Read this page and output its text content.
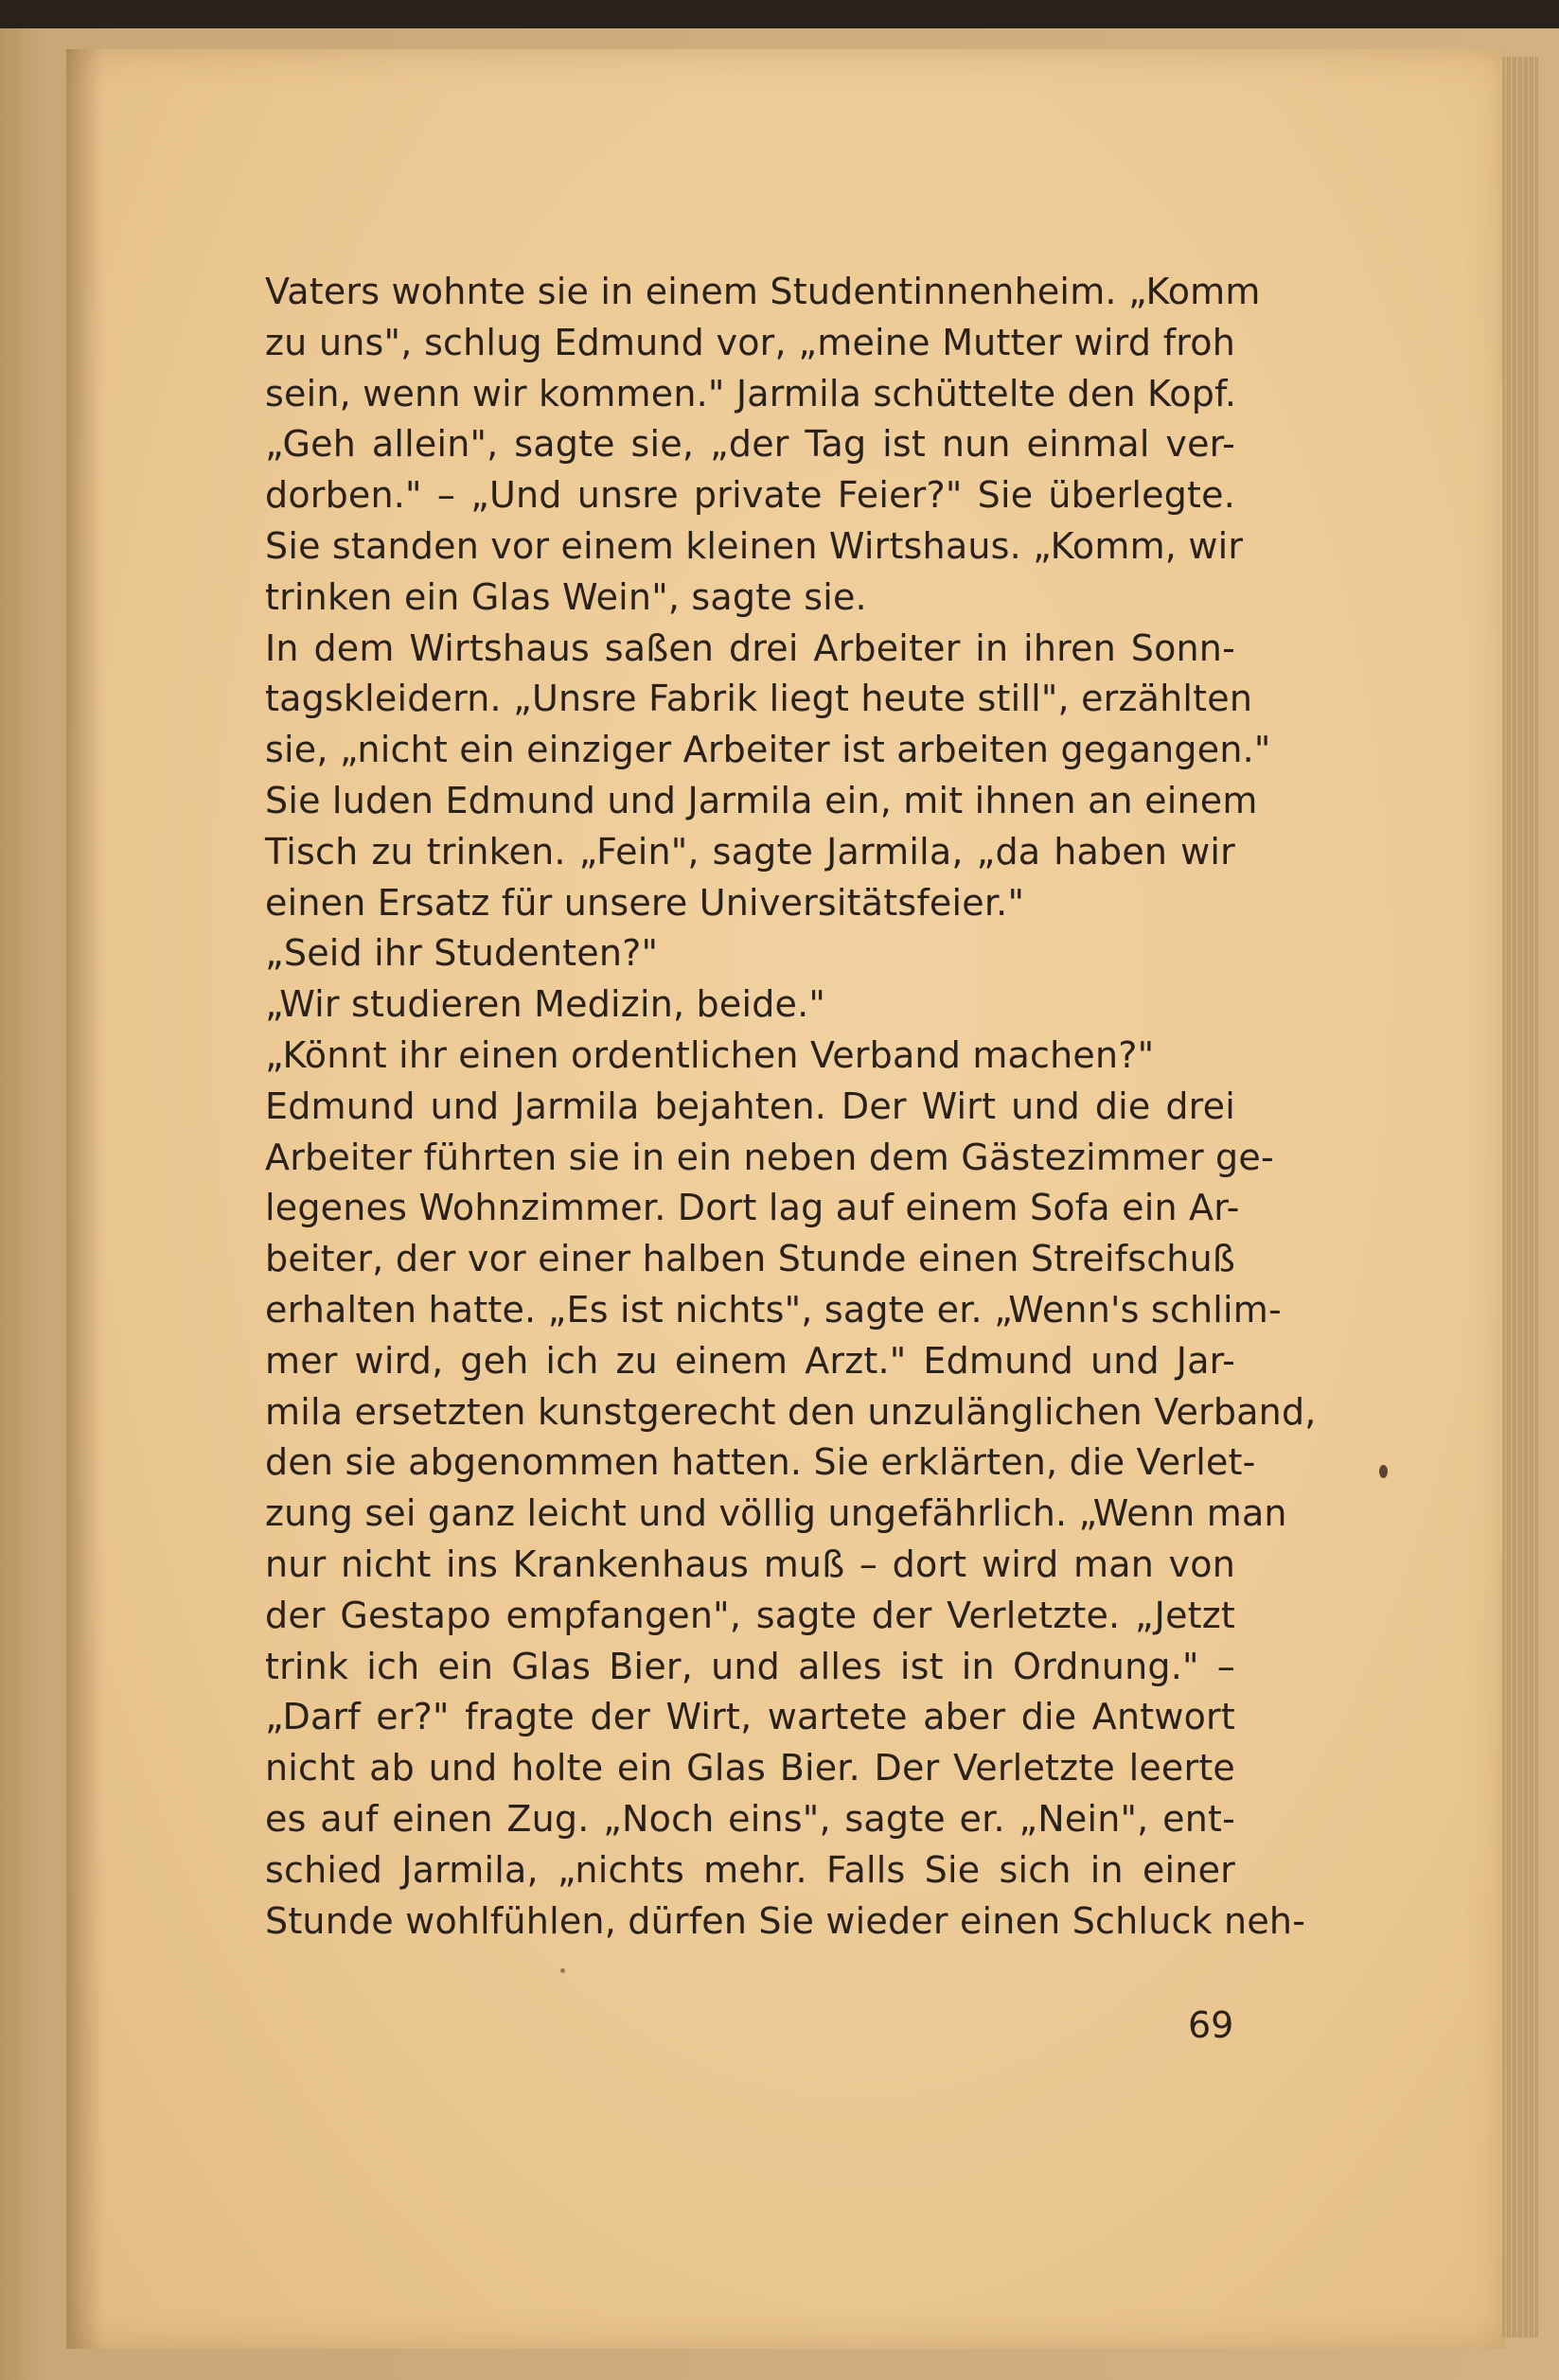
Vaters wohnte sie in einem Studentinnenheim. „Komm
zu uns", schlug Edmund vor, „meine Mutter wird froh
sein, wenn wir kommen." Jarmila schüttelte den Kopf.
„Geh allein", sagte sie, „der Tag ist nun einmal ver-
dorben." – „Und unsre private Feier?" Sie überlegte.
Sie standen vor einem kleinen Wirtshaus. „Komm, wir
trinken ein Glas Wein", sagte sie.
In dem Wirtshaus saßen drei Arbeiter in ihren Sonn-
tagskleidern. „Unsre Fabrik liegt heute still", erzählten
sie, „nicht ein einziger Arbeiter ist arbeiten gegangen."
Sie luden Edmund und Jarmila ein, mit ihnen an einem
Tisch zu trinken. „Fein", sagte Jarmila, „da haben wir
einen Ersatz für unsere Universitätsfeier."
„Seid ihr Studenten?"
„Wir studieren Medizin, beide."
„Könnt ihr einen ordentlichen Verband machen?"
Edmund und Jarmila bejahten. Der Wirt und die drei
Arbeiter führten sie in ein neben dem Gästezimmer ge-
legenes Wohnzimmer. Dort lag auf einem Sofa ein Ar-
beiter, der vor einer halben Stunde einen Streifschuß
erhalten hatte. „Es ist nichts", sagte er. „Wenn's schlim-
mer wird, geh ich zu einem Arzt." Edmund und Jar-
mila ersetzten kunstgerecht den unzulänglichen Verband,
den sie abgenommen hatten. Sie erklärten, die Verlet-
zung sei ganz leicht und völlig ungefährlich. „Wenn man
nur nicht ins Krankenhaus muß – dort wird man von
der Gestapo empfangen", sagte der Verletzte. „Jetzt
trink ich ein Glas Bier, und alles ist in Ordnung." –
„Darf er?" fragte der Wirt, wartete aber die Antwort
nicht ab und holte ein Glas Bier. Der Verletzte leerte
es auf einen Zug. „Noch eins", sagte er. „Nein", ent-
schied Jarmila, „nichts mehr. Falls Sie sich in einer
Stunde wohlfühlen, dürfen Sie wieder einen Schluck neh-
69
